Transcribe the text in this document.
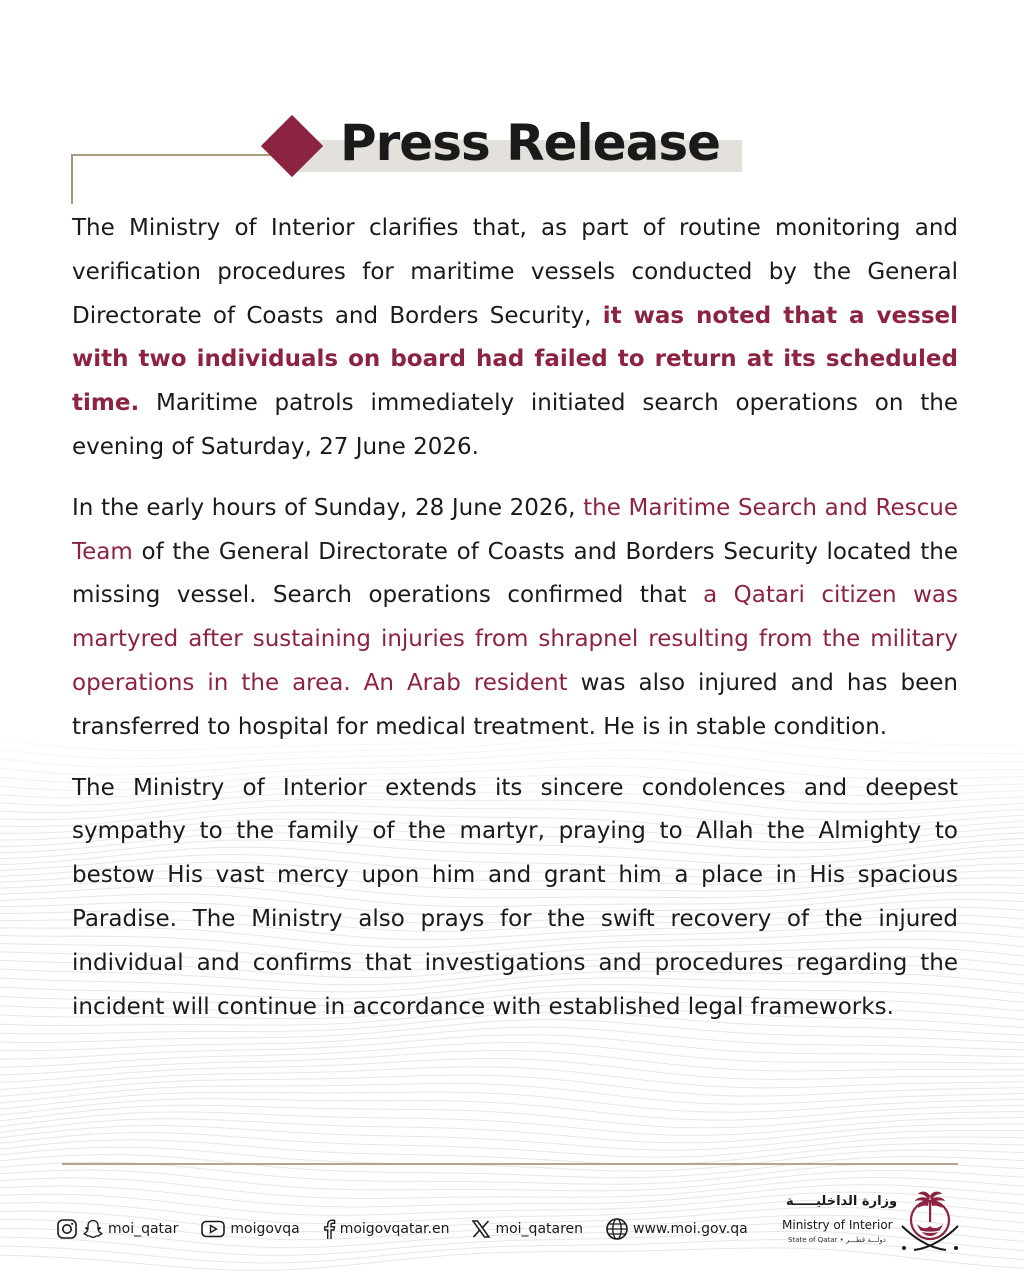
Press Release

The Ministry of Interior clarifies that, as part of routine monitoring and verification procedures for maritime vessels conducted by the General Directorate of Coasts and Borders Security, it was noted that a vessel with two individuals on board had failed to return at its scheduled time. Maritime patrols immediately initiated search operations on the evening of Saturday, 27 June 2026.

In the early hours of Sunday, 28 June 2026, the Maritime Search and Rescue Team of the General Directorate of Coasts and Borders Security located the missing vessel. Search operations confirmed that a Qatari citizen was martyred after sustaining injuries from shrapnel resulting from the military operations in the area. An Arab resident was also injured and has been transferred to hospital for medical treatment. He is in stable condition.

The Ministry of Interior extends its sincere condolences and deepest sympathy to the family of the martyr, praying to Allah the Almighty to bestow His vast mercy upon him and grant him a place in His spacious Paradise. The Ministry also prays for the swift recovery of the injured individual and confirms that investigations and procedures regarding the incident will continue in accordance with established legal frameworks.

moi_qatar	moigovqa	moigovqatar.en	moi_qataren	www.moi.gov.qa
وزارة الداخليـــــة
Ministry of Interior
State of Qatar • دولـــة قطـــر
